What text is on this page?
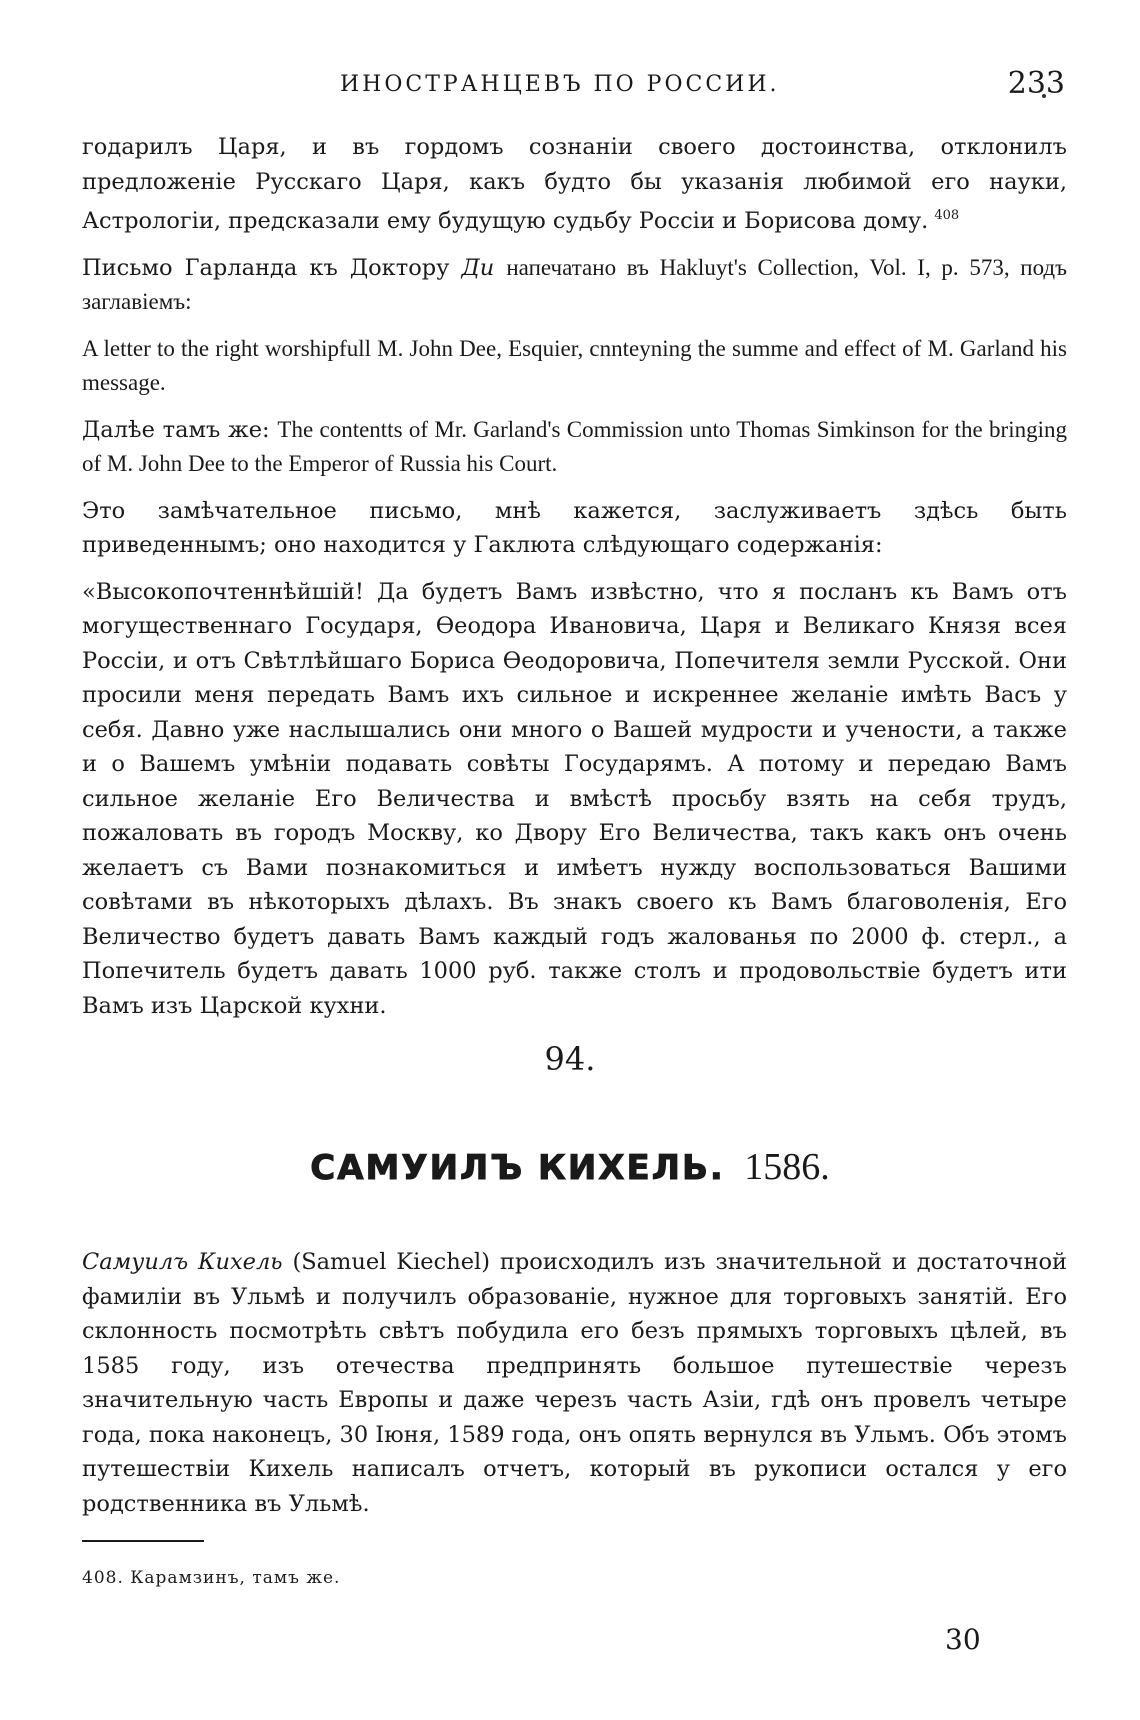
ИНОСТРАНЦЕВЪ ПО РОССИИ.	233

годарилъ Царя, и въ гордомъ сознаніи своего достоинства, отклонилъ предложеніе Русскаго Царя, какъ будто бы указанія любимой его науки, Астрологіи, предсказали ему будущую судьбу Россіи и Борисова дому. $^{408}$

Письмо Гарланда къ Доктору Ди напечатано въ Hakluyt's Collection, Vol. I, p. 573, подъ заглавіемъ:

A letter to the right worshipfull M. John Dee, Esquier, cnnteyning the summe and effect of M. Garland his message.

Далѣе тамъ же: The contentts of Mr. Garland's Commission unto Thomas Simkinson for the bringing of M. John Dee to the Emperor of Russia his Court.

Это замѣчательное письмо, мнѣ кажется, заслуживаетъ здѣсь быть приведеннымъ; оно находится у Гаклюта слѣдующаго содержанія:

«Высокопочтеннѣйшій! Да будетъ Вамъ извѣстно, что я посланъ къ Вамъ отъ могущественнаго Государя, Ѳеодора Ивановича, Царя и Великаго Князя всея Россіи, и отъ Свѣтлѣйшаго Бориса Ѳеодоровича, Попечителя земли Русской. Они просили меня передать Вамъ ихъ сильное и искреннее желаніе имѣть Васъ у себя. Давно уже наслышались они много о Вашей мудрости и учености, а также и о Вашемъ умѣніи подавать совѣты Государямъ. А потому и передаю Вамъ сильное желаніе Его Величества и вмѣстѣ просьбу взять на себя трудъ, пожаловать въ городъ Москву, ко Двору Его Величества, такъ какъ онъ очень желаетъ съ Вами познакомиться и имѣетъ нужду воспользоваться Вашими совѣтами въ нѣкоторыхъ дѣлахъ. Въ знакъ своего къ Вамъ благоволенія, Его Величество будетъ давать Вамъ каждый годъ жалованья по 2000 ф. стерл., а Попечитель будетъ давать 1000 руб. также столъ и продовольствіе будетъ ити Вамъ изъ Царской кухни.

94.
САМУИЛЪ КИХЕЛЬ. 1586.

Самуилъ Кихель (Samuel Kiechel) происходилъ изъ значительной и достаточной фамиліи въ Ульмѣ и получилъ образованіе, нужное для торговыхъ занятій. Его склонность посмотрѣть свѣтъ побудила его безъ прямыхъ торговыхъ цѣлей, въ 1585 году, изъ отечества предпринять большое путешествіе черезъ значительную часть Европы и даже черезъ часть Азіи, гдѣ онъ провелъ четыре года, пока наконецъ, 30 Іюня, 1589 года, онъ опять вернулся въ Ульмъ. Объ этомъ путешествіи Кихель написалъ отчетъ, который въ рукописи остался у его родственника въ Ульмѣ.

408. Карамзинъ, тамъ же.
30
